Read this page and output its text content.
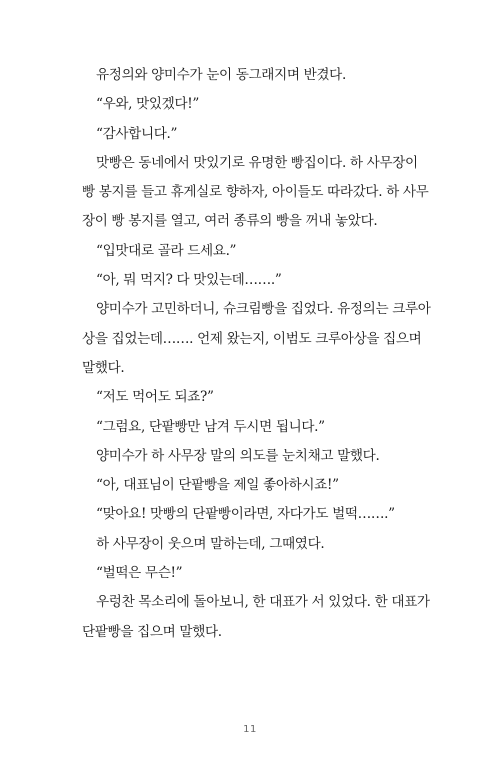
유정의와 양미수가 눈이 동그래지며 반겼다.
“우와, 맛있겠다!”
“감사합니다.”
맛빵은 동네에서 맛있기로 유명한 빵집이다. 하 사무장이
빵 봉지를 들고 휴게실로 향하자, 아이들도 따라갔다. 하 사무
장이 빵 봉지를 열고, 여러 종류의 빵을 꺼내 놓았다.
“입맛대로 골라 드세요.”
“아, 뭐 먹지? 다 맛있는데…….”
양미수가 고민하더니, 슈크림빵을 집었다. 유정의는 크루아
상을 집었는데……. 언제 왔는지, 이범도 크루아상을 집으며
말했다.
“저도 먹어도 되죠?”
“그럼요, 단팥빵만 남겨 두시면 됩니다.”
양미수가 하 사무장 말의 의도를 눈치채고 말했다.
“아, 대표님이 단팥빵을 제일 좋아하시죠!”
“맞아요! 맛빵의 단팥빵이라면, 자다가도 벌떡…….”
하 사무장이 웃으며 말하는데, 그때였다.
“벌떡은 무슨!”
우렁찬 목소리에 돌아보니, 한 대표가 서 있었다. 한 대표가
단팥빵을 집으며 말했다.
11
